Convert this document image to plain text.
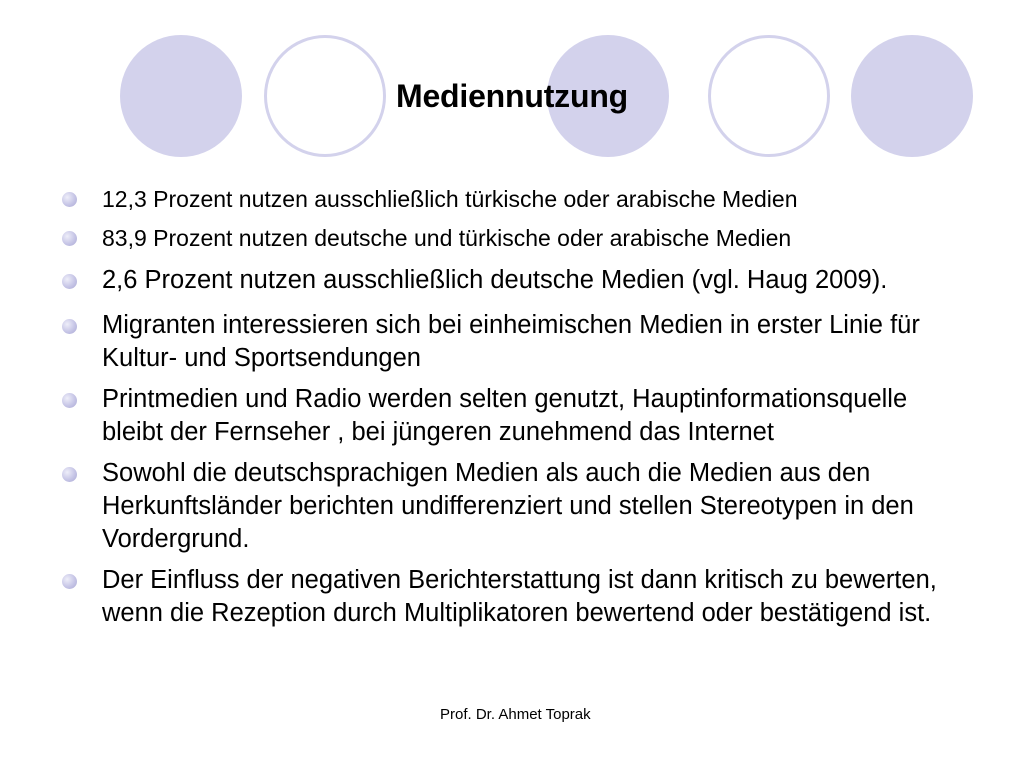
Mediennutzung
12,3 Prozent nutzen ausschließlich türkische oder arabische Medien
83,9 Prozent nutzen deutsche und türkische oder arabische Medien
2,6 Prozent nutzen ausschließlich deutsche Medien (vgl. Haug 2009).
Migranten interessieren sich bei einheimischen Medien in erster Linie für Kultur- und Sportsendungen
Printmedien und Radio werden selten genutzt, Hauptinformationsquelle bleibt der Fernseher , bei jüngeren zunehmend das Internet
Sowohl die deutschsprachigen Medien als auch die Medien aus den Herkunftsländer berichten undifferenziert und stellen Stereotypen in den Vordergrund.
Der Einfluss der negativen Berichterstattung ist dann kritisch zu bewerten, wenn die Rezeption durch Multiplikatoren bewertend oder bestätigend ist.
Prof. Dr. Ahmet Toprak
